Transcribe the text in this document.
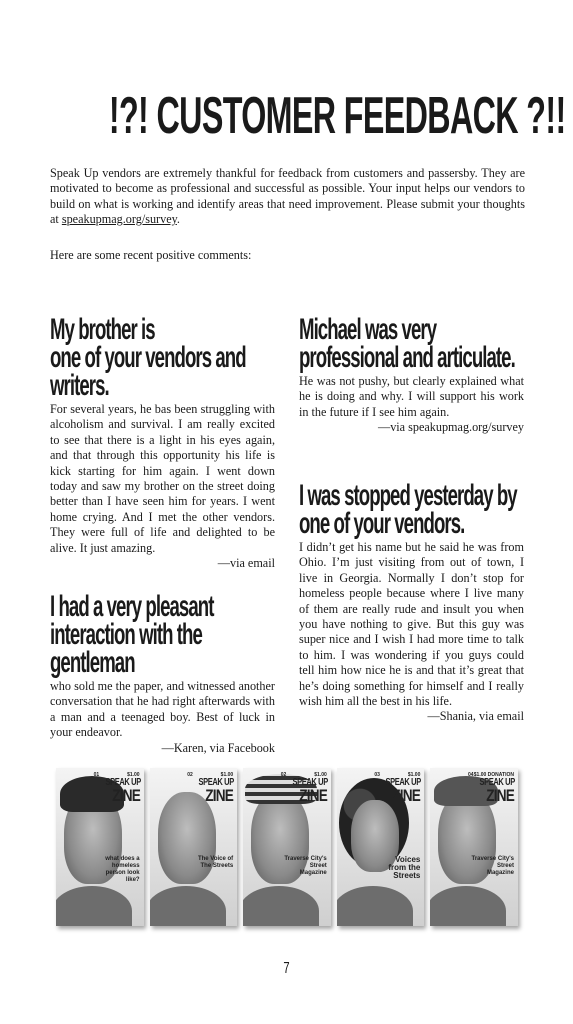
!?! CUSTOMER FEEDBACK ?!!
Speak Up vendors are extremely thankful for feedback from customers and passersby. They are motivated to become as professional and successful as possible. Your input helps our vendors to build on what is working and identify areas that need improvement. Please submit your thoughts at speakupmag.org/survey.
Here are some recent positive comments:
My brother is
one of your vendors and writers.
For several years, he bas been struggling with alcoholism and survival. I am really excited to see that there is a light in his eyes again, and that through this opportunity his life is kick starting for him again. I went down today and saw my brother on the street doing better than I have seen him for years. I went home crying. And I met the other vendors. They were full of life and delighted to be alive. It just amazing.
—via email
I had a very pleasant
interaction with the gentleman
who sold me the paper, and witnessed another conversation that he had right afterwards with a man and a teenaged boy. Best of luck in your endeavor.
—Karen, via Facebook
Michael was very
professional and articulate.
He was not pushy, but clearly explained what he is doing and why. I will support his work in the future if I see him again.
—via speakupmag.org/survey
I was stopped yesterday by
one of your vendors.
I didn’t get his name but he said he was from Ohio. I’m just visiting from out of town, I live in Georgia. Normally I don’t stop for homeless people because where I live many of them are really rude and insult you when you have nothing to give. But this guy was super nice and I wish I had more time to talk to him. I was wondering if you guys could tell him how nice he is and that it’s great that he’s doing something for himself and I really wish him all the best in his life.
—Shania, via email
01	$1.00
SPEAK UP
ZINE
what does a homeless person look like?
02	$1.00
SPEAK UP
ZINE
The Voice of The Streets
02	$1.00
SPEAK UP
ZINE
Traverse City's Street Magazine
03	$1.00
SPEAK UP
ZINE
Voices from the Streets
04 $1.00 DONATION
SPEAK UP
ZINE
Traverse City's Street Magazine
7
